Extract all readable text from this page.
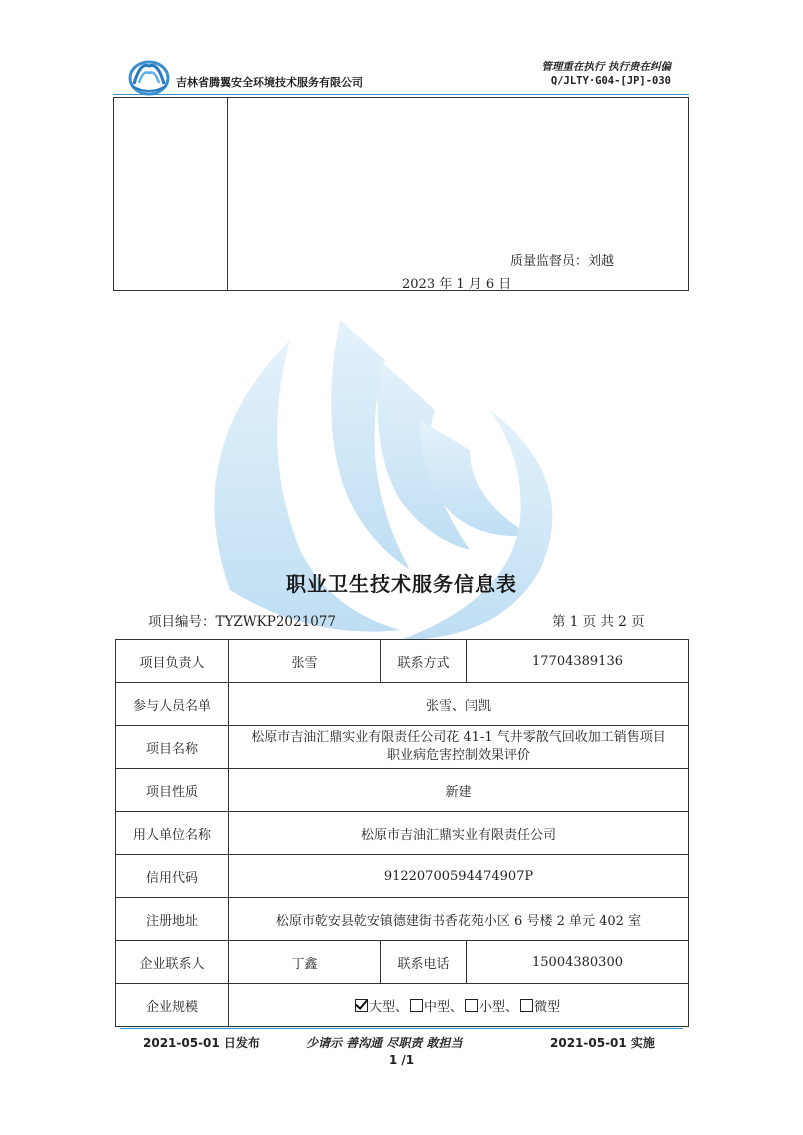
吉林省腾翼安全环境技术服务有限公司
管理重在执行 执行贵在纠偏
Q/JLTY·G04-[JP]-030
质量监督员：刘越
2023 年 1 月 6 日
职业卫生技术服务信息表
项目编号：TYZWKP2021077	第 1 页 共 2 页
项目负责人	张雪	联系方式	17704389136
参与人员名单	张雪、闫凯		
项目名称	松原市吉油汇鼎实业有限责任公司花 41-1 气井零散气回收加工销售项目
职业病危害控制效果评价		

项目性质	新建		
用人单位名称	松原市吉油汇鼎实业有限责任公司		
信用代码	91220700594474907P		
注册地址	松原市乾安县乾安镇德建街书香花苑小区 6 号楼 2 单元 402 室		
企业联系人	丁鑫	联系电话	15004380300
企业规模	大型、 中型、 小型、 微型		
2021-05-01 日发布	少请示 善沟通 尽职责 敢担当	2021-05-01 实施
1 /1
